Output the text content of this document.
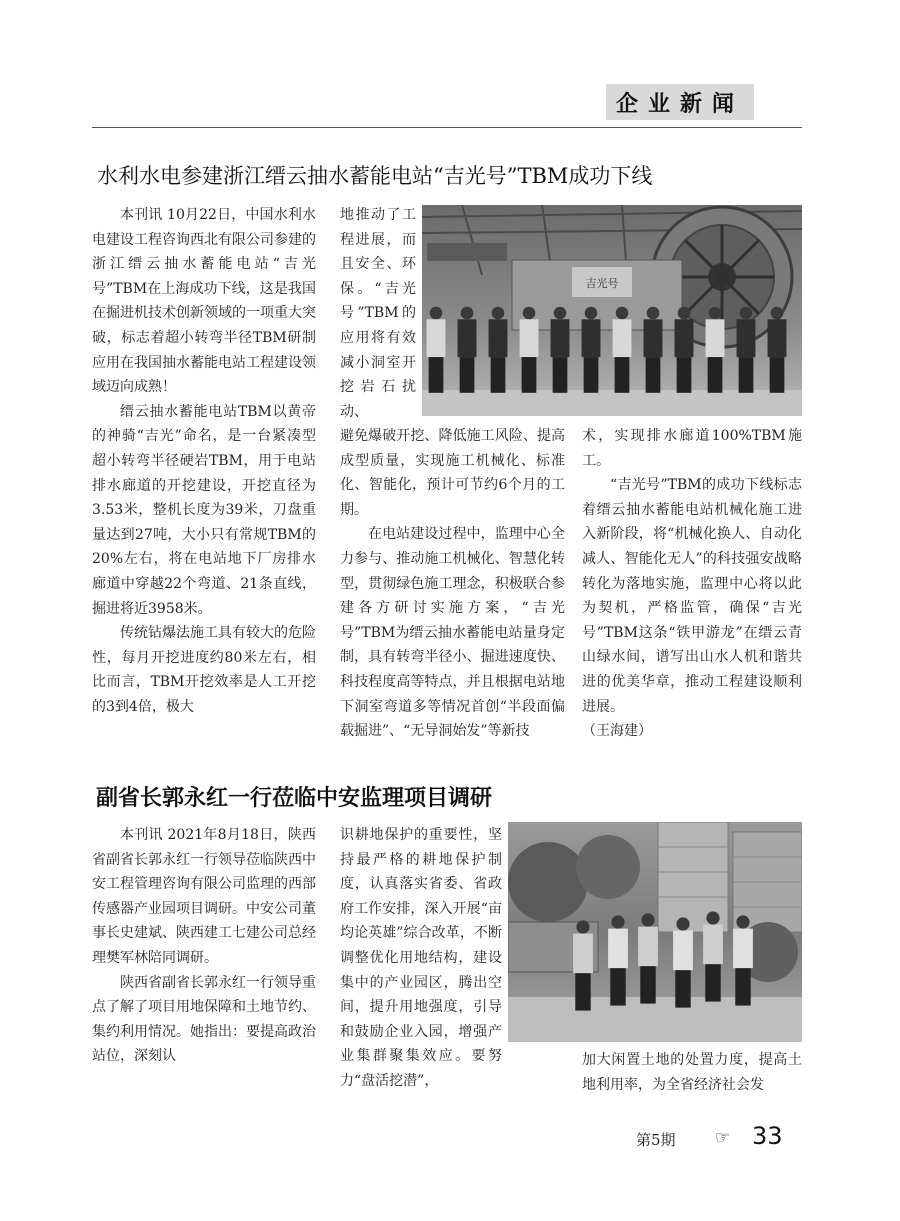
企业新闻
水利水电参建浙江缙云抽水蓄能电站“吉光号”TBM成功下线

本刊讯 10月22日，中国水利水电建设工程咨询西北有限公司参建的浙江缙云抽水蓄能电站“吉光号”TBM在上海成功下线，这是我国在掘进机技术创新领域的一项重大突破，标志着超小转弯半径TBM研制应用在我国抽水蓄能电站工程建设领域迈向成熟！

缙云抽水蓄能电站TBM以黄帝的神骑“吉光”命名，是一台紧凑型超小转弯半径硬岩TBM，用于电站排水廊道的开挖建设，开挖直径为3.53米，整机长度为39米，刀盘重量达到27吨，大小只有常规TBM的20%左右，将在电站地下厂房排水廊道中穿越22个弯道、21条直线，掘进将近3958米。

传统钻爆法施工具有较大的危险性，每月开挖进度约80米左右，相比而言，TBM开挖效率是人工开挖的3到4倍，极大

地推动了工程进展，而且安全、环保。“吉光号”TBM的应用将有效减小洞室开挖岩石扰动、

避免爆破开挖、降低施工风险、提高成型质量，实现施工机械化、标准化、智能化，预计可节约6个月的工期。

在电站建设过程中，监理中心全力参与、推动施工机械化、智慧化转型，贯彻绿色施工理念，积极联合参建各方研讨实施方案，“吉光号”TBM为缙云抽水蓄能电站量身定制，具有转弯半径小、掘进速度快、科技程度高等特点，并且根据电站地下洞室弯道多等情况首创“半段面偏载掘进”、“无导洞始发”等新技

术，实现排水廊道100%TBM施工。

“吉光号”TBM的成功下线标志着缙云抽水蓄能电站机械化施工进入新阶段，将“机械化换人、自动化减人、智能化无人”的科技强安战略转化为落地实施，监理中心将以此为契机，严格监管，确保“吉光号”TBM这条“铁甲游龙”在缙云青山绿水间，谱写出山水人机和谐共进的优美华章，推动工程建设顺利进展。

（王海建）

吉光号
副省长郭永红一行莅临中安监理项目调研

本刊讯 2021年8月18日，陕西省副省长郭永红一行领导莅临陕西中安工程管理咨询有限公司监理的西部传感器产业园项目调研。中安公司董事长史建斌、陕西建工七建公司总经理樊军林陪同调研。

陕西省副省长郭永红一行领导重点了解了项目用地保障和土地节约、集约利用情况。她指出：要提高政治站位，深刻认

识耕地保护的重要性，坚持最严格的耕地保护制度，认真落实省委、省政府工作安排，深入开展“亩均论英雄”综合改革，不断调整优化用地结构，建设集中的产业园区，腾出空间，提升用地强度，引导和鼓励企业入园，增强产业集群聚集效应。要努力“盘活挖潜”，

加大闲置土地的处置力度，提高土地利用率，为全省经济社会发

第5期 ☞ 33
